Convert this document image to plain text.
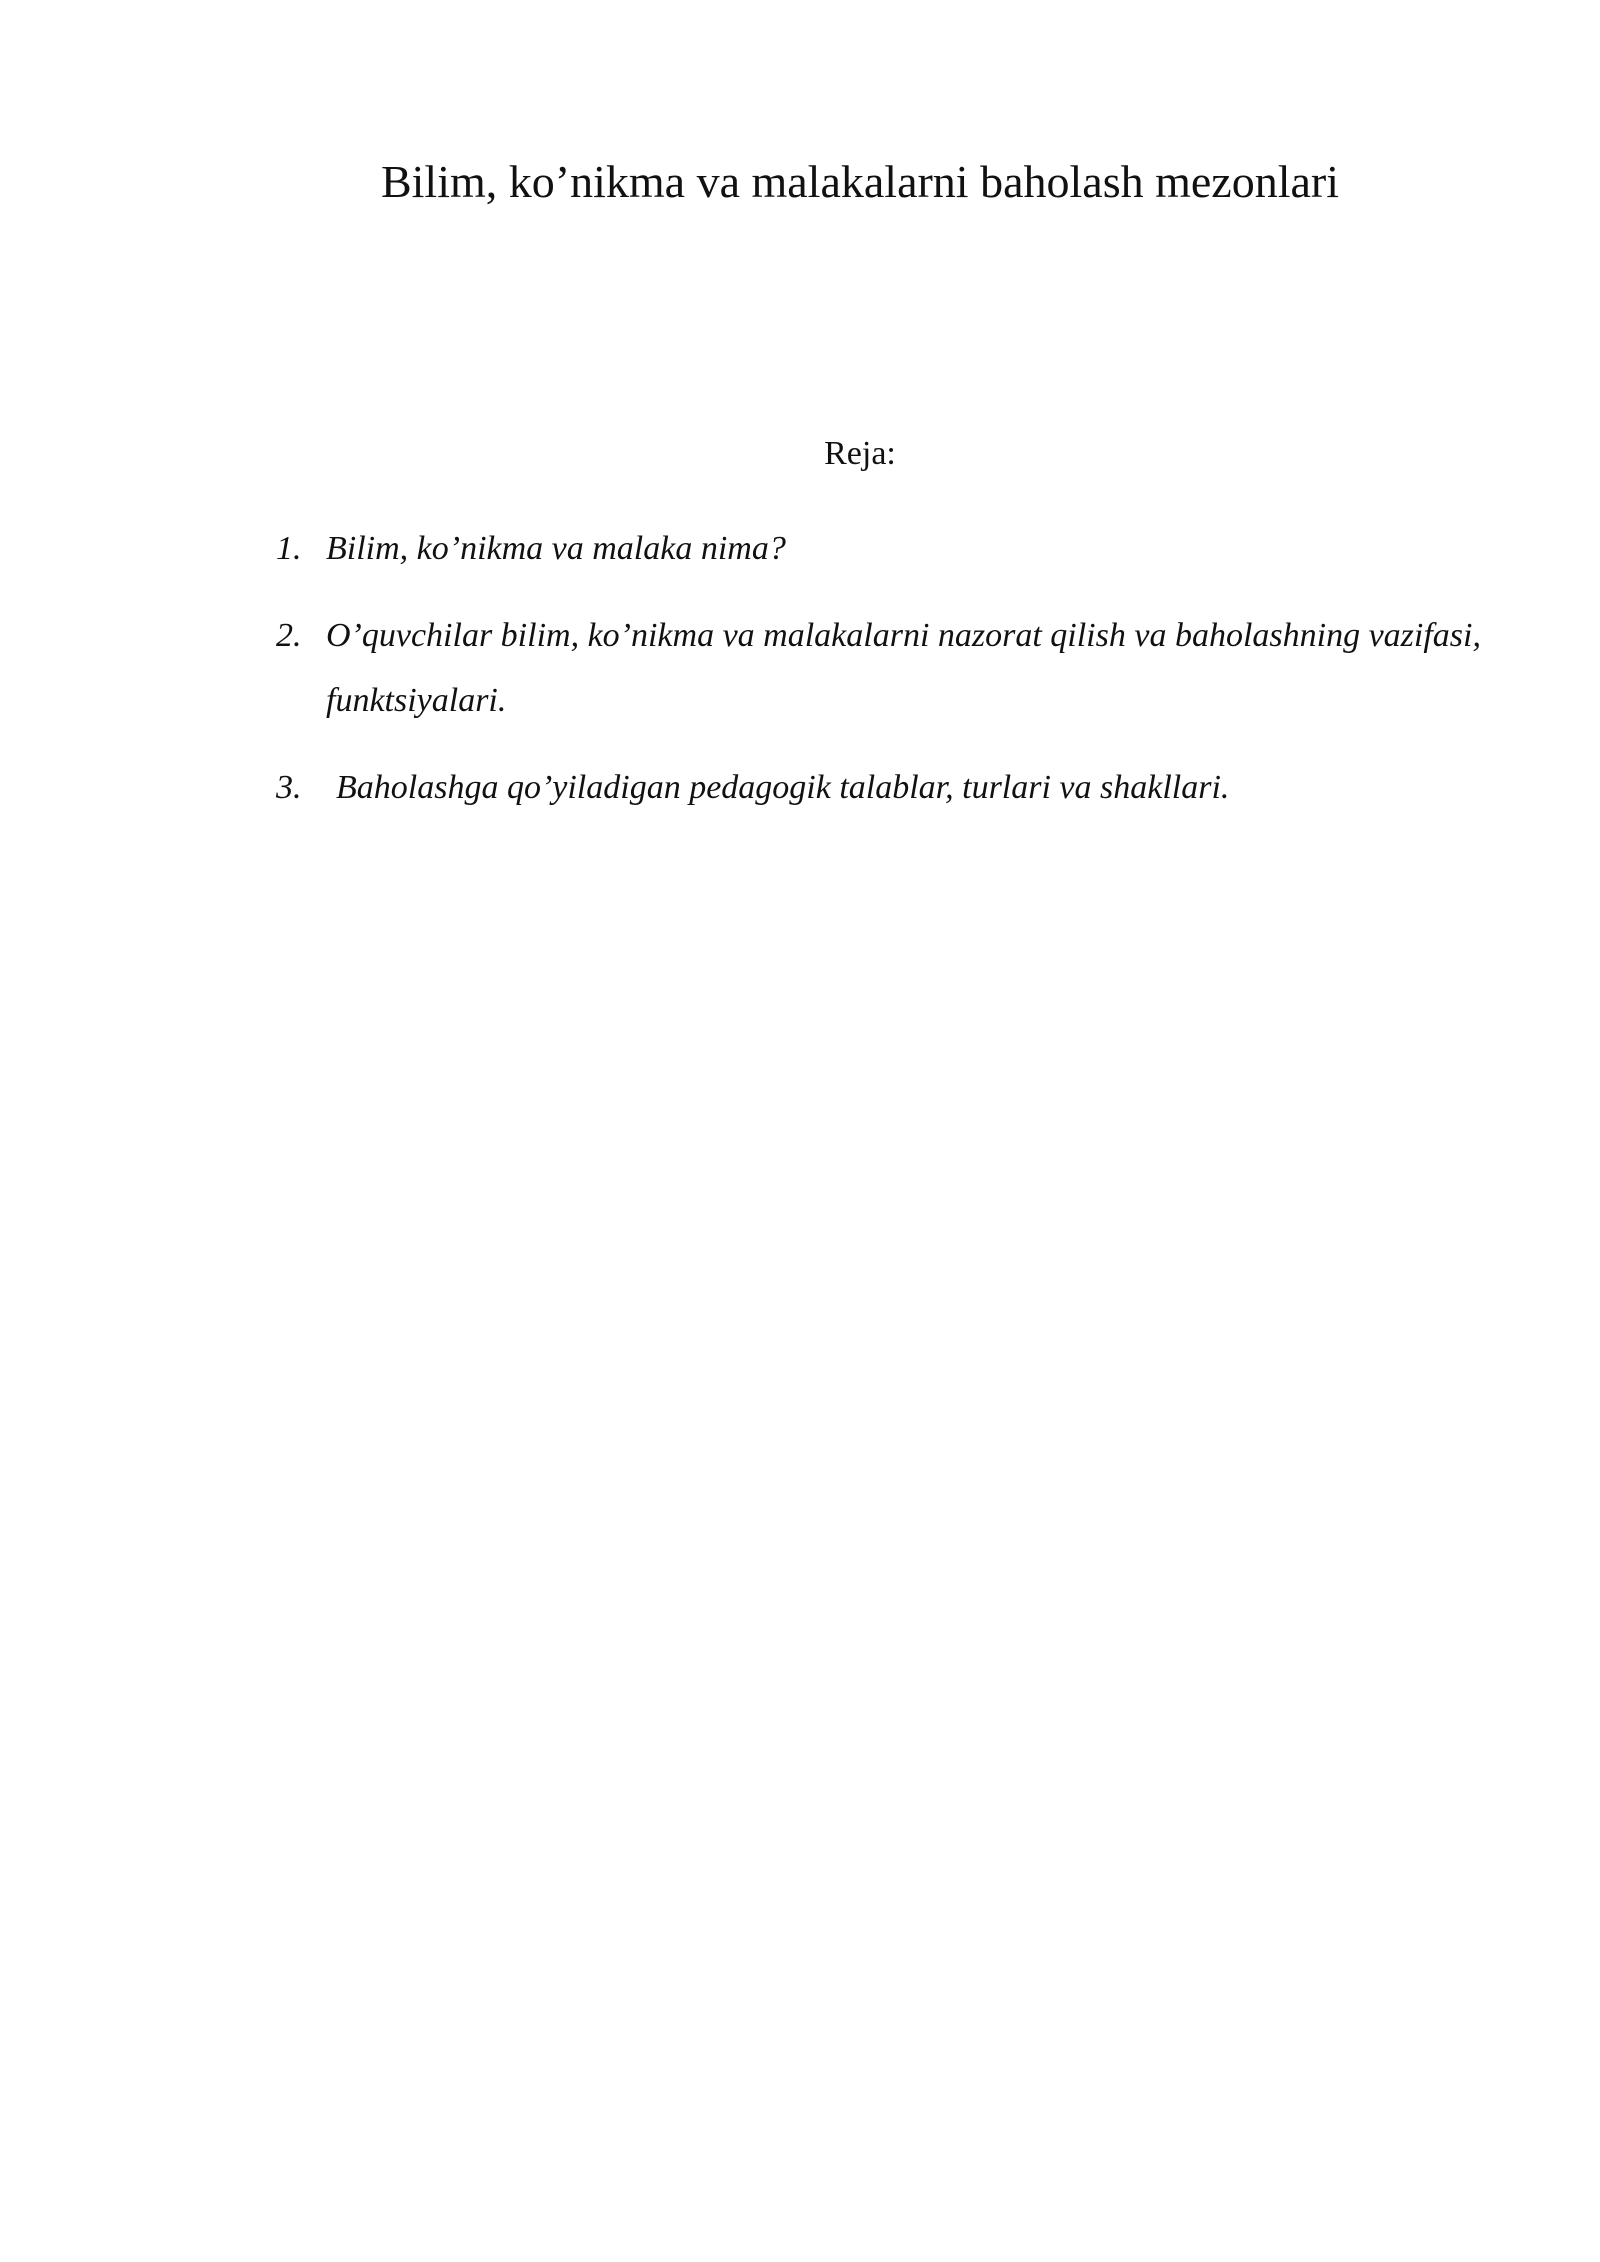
Bilim, ko’nikma va malakalarni baholash mezonlari
Reja:
1. Bilim, ko’nikma va malaka nima?
2. O’quvchilar bilim, ko’nikma va malakalarni nazorat qilish va baholashning vazifasi, funktsiyalari.
3. Baholashga qo’yiladigan pedagogik talablar, turlari va shakllari.
